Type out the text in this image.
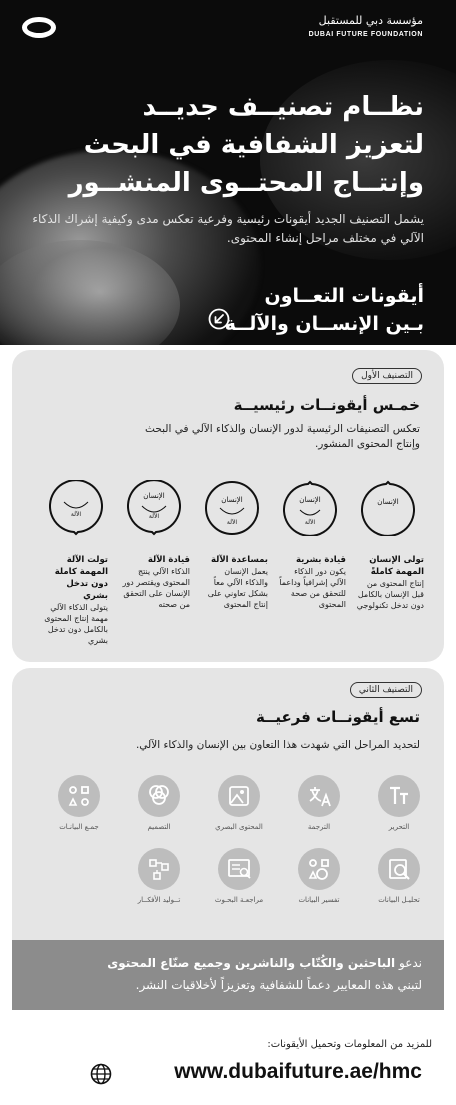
مؤسسة دبي للمستقبل
DUBAI FUTURE FOUNDATION
نظــام تصنيــف جديــد
لتعزيز الشفافية في البحث
وإنتــاج المحتــوى المنشــور
يشمل التصنيف الجديد أيقونات رئيسية وفرعية تعكس مدى وكيفية إشراك الذكاء الآلي في مختلف مراحل إنشاء المحتوى.
أيقونات التعــاون
بـين الإنســان والآلــة
التصنيف الأول
خمـس أيقونــات رئيسيــة
تعكس التصنيفات الرئيسية لدور الإنسان والذكاء الآلي في البحث وإنتاج المحتوى المنشور.
الإنسان
الإنسان
الآلة
الإنسان
الآلة
الإنسان
الآلة
الآلة
تولى الإنسان المهمة كاملةً
إنتاج المحتوى من قبل الإنسان بالكامل دون تدخل تكنولوجي
قيادة بشرية
يكون دور الذكاء الآلي إشرافياً وداعماً للتحقق من صحة المحتوى
بمساعدة الآلة
يعمل الإنسان والذكاء الآلي معاً بشكل تعاوني على إنتاج المحتوى
قيادة الآلة
الذكاء الآلي ينتج المحتوى ويقتصر دور الإنسان على التحقق من صحته
تولت الآلة المهمة كاملة دون تدخل بشري
يتولى الذكاء الآلي مهمة إنتاج المحتوى بالكامل دون تدخل بشري
التصنيف الثاني
تسع أيقونــات فرعيــة
لتحديد المراحل التي شهدت هذا التعاون بين الإنسان والذكاء الآلي.
التحرير
الترجمة
المحتوى البصري
التصميم
جمـع البيانـات
تحليـل البيانات
تفسير البيانات
مراجعـة البحـوث
تــوليد الأفكــار
ندعو الباحثين والكُتّاب والناشرين وجميع صنّاع المحتوى
لتبني هذه المعايير دعماً للشفافية وتعزيزاً لأخلاقيات النشر.
للمزيد من المعلومات وتحميل الأيقونات:
www.dubaifuture.ae/hmc
